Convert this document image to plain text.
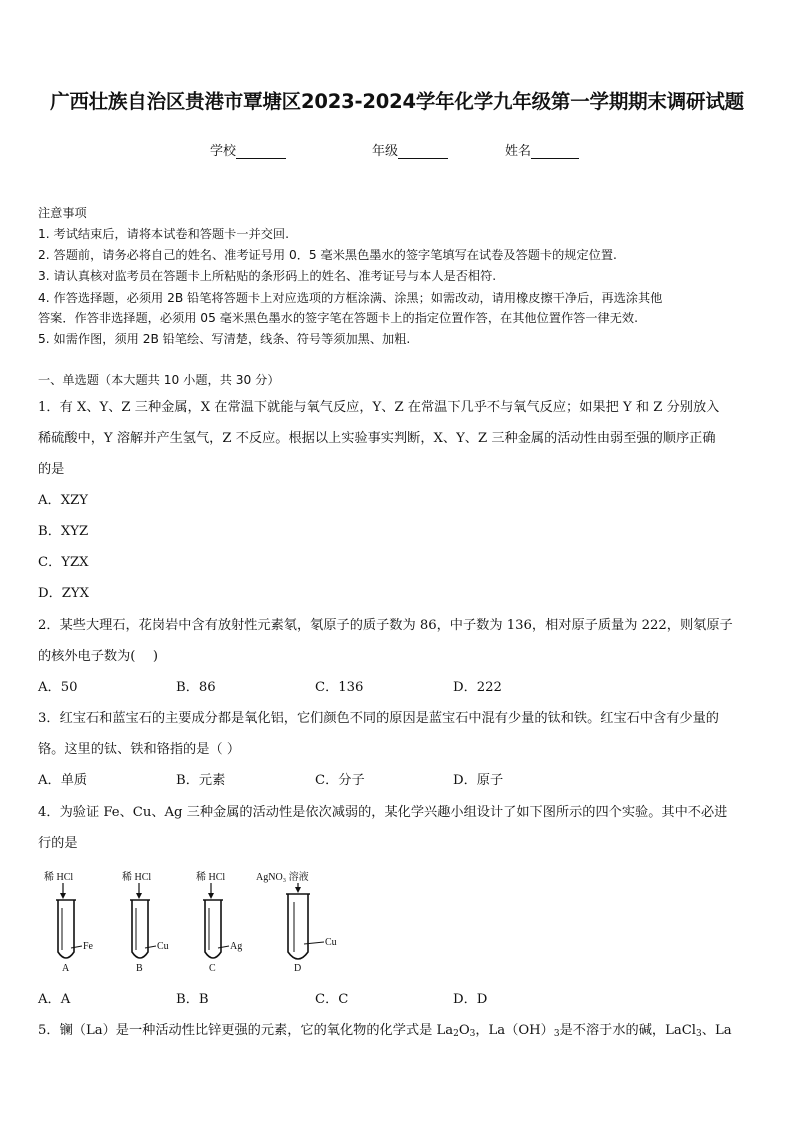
广西壮族自治区贵港市覃塘区2023-2024学年化学九年级第一学期期末调研试题
学校	年级	姓名
注意事项
1. 考试结束后，请将本试卷和答题卡一并交回.
2. 答题前，请务必将自己的姓名、准考证号用 0．5 毫米黑色墨水的签字笔填写在试卷及答题卡的规定位置.
3. 请认真核对监考员在答题卡上所粘贴的条形码上的姓名、准考证号与本人是否相符.
4. 作答选择题，必须用 2B 铅笔将答题卡上对应选项的方框涂满、涂黑；如需改动，请用橡皮擦干净后，再选涂其他
答案．作答非选择题，必须用 05 毫米黑色墨水的签字笔在答题卡上的指定位置作答，在其他位置作答一律无效.
5. 如需作图，须用 2B 铅笔绘、写清楚，线条、符号等须加黑、加粗.
一、单选题（本大题共 10 小题，共 30 分）
1．有 X、Y、Z 三种金属，X 在常温下就能与氧气反应，Y、Z 在常温下几乎不与氧气反应；如果把 Y 和 Z 分别放入
稀硫酸中，Y 溶解并产生氢气，Z 不反应。根据以上实验事实判断，X、Y、Z 三种金属的活动性由弱至强的顺序正确
的是
A．XZY
B．XYZ
C．YZX
D．ZYX
2．某些大理石，花岗岩中含有放射性元素氡，氡原子的质子数为 86，中子数为 136，相对原子质量为 222，则氡原子
的核外电子数为(　 )
A．50	B．86	C．136	D．222
3．红宝石和蓝宝石的主要成分都是氧化铝，它们颜色不同的原因是蓝宝石中混有少量的钛和铁。红宝石中含有少量的
铬。这里的钛、铁和铬指的是（ ）
A．单质	B．元素	C．分子	D．原子
4．为验证 Fe、Cu、Ag 三种金属的活动性是依次减弱的，某化学兴趣小组设计了如下图所示的四个实验。其中不必进
行的是
稀 HCl
Fe
A
稀 HCl
Cu
B
稀 HCl
Ag
C
AgNO₃ 溶液
Cu
D
A．A	B．B	C．C	D．D
5．镧（La）是一种活动性比锌更强的元素，它的氧化物的化学式是 $La_2O_3$，$La(OH)_3$是不溶于水的碱，LaCl$_3$、La
